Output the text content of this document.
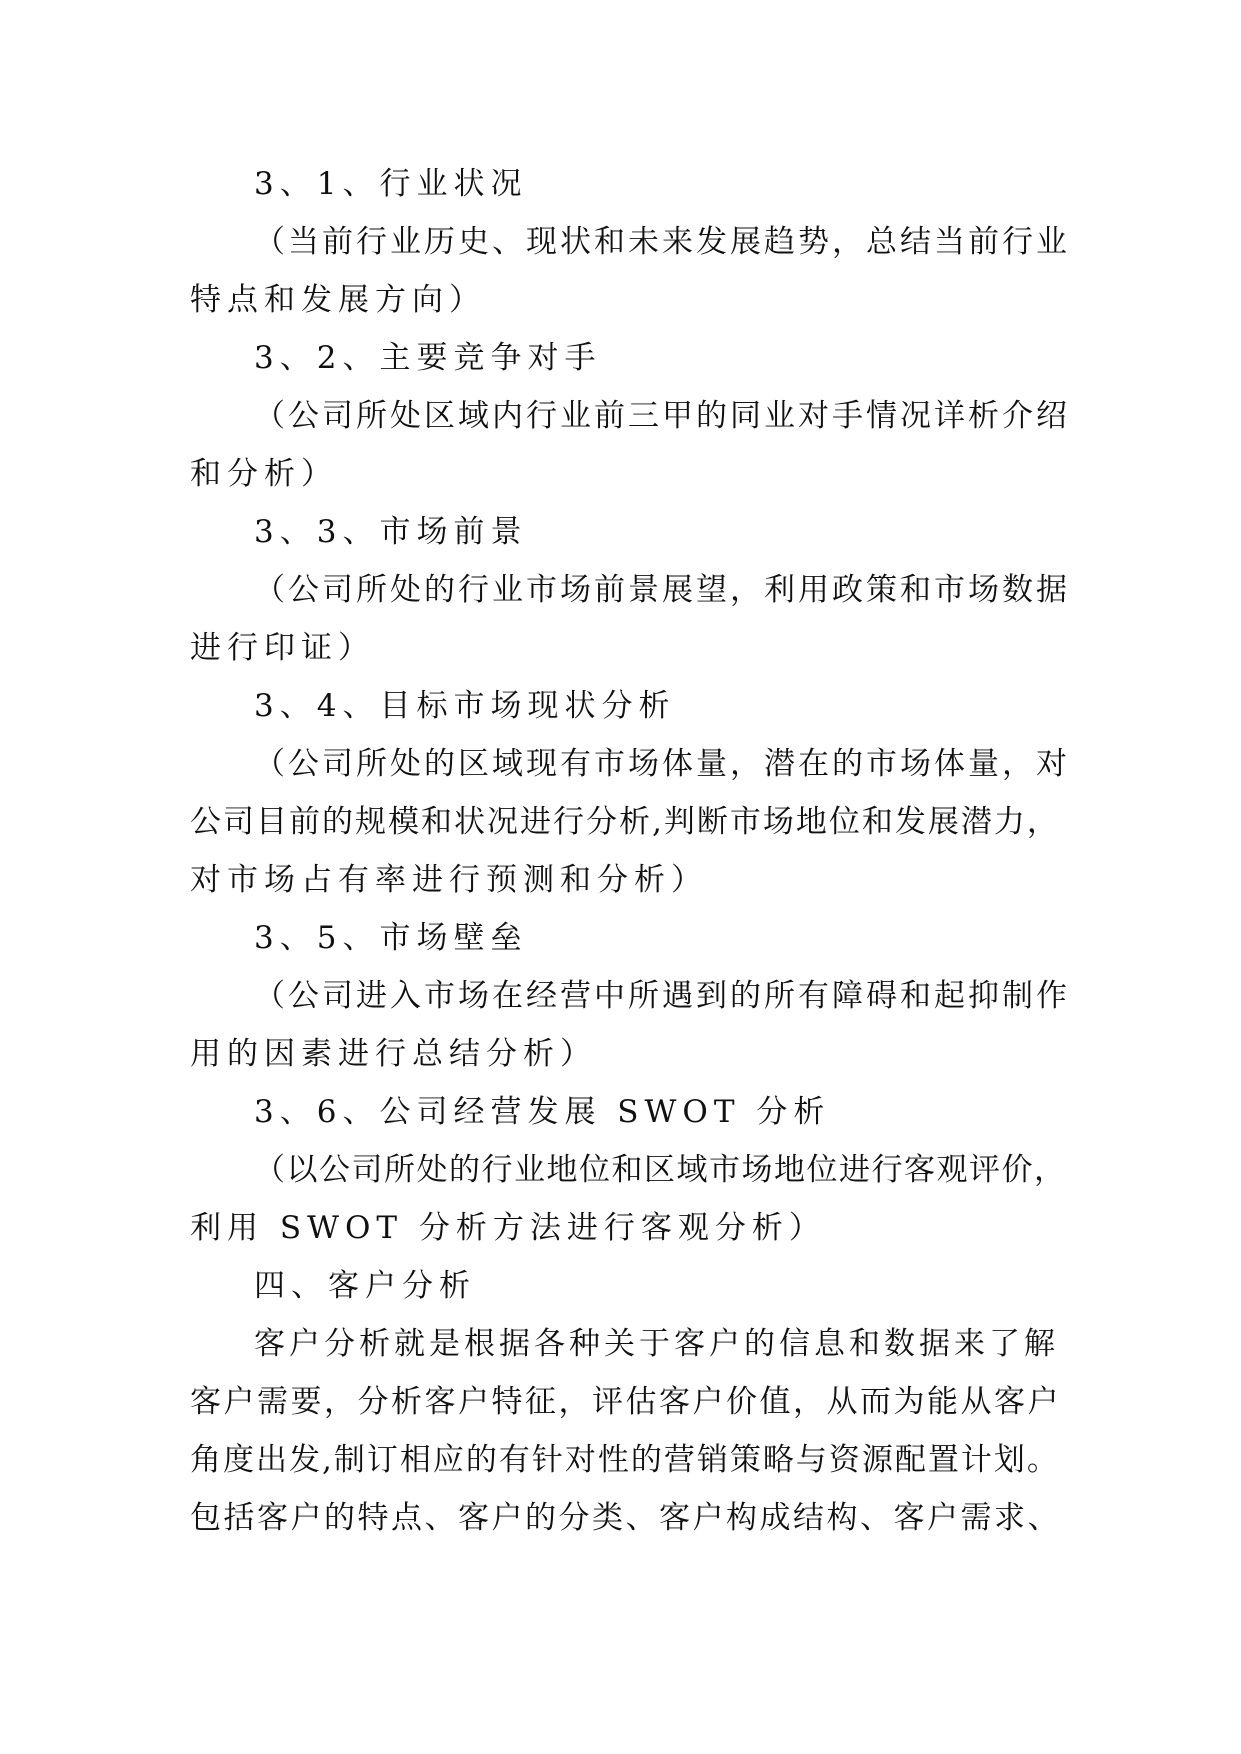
3、1、行业状况
（当前行业历史、现状和未来发展趋势，总结当前行业
特点和发展方向）
3、2、主要竞争对手
（公司所处区域内行业前三甲的同业对手情况详析介绍
和分析）
3、3、市场前景
（公司所处的行业市场前景展望，利用政策和市场数据
进行印证）
3、4、目标市场现状分析
（公司所处的区域现有市场体量，潜在的市场体量，对
公司目前的规模和状况进行分析,判断市场地位和发展潜力，
对市场占有率进行预测和分析）
3、5、市场壁垒
（公司进入市场在经营中所遇到的所有障碍和起抑制作
用的因素进行总结分析）
3、6、公司经营发展 SWOT 分析
（以公司所处的行业地位和区域市场地位进行客观评价，
利用 SWOT 分析方法进行客观分析）
四、客户分析
客户分析就是根据各种关于客户的信息和数据来了解
客户需要，分析客户特征，评估客户价值，从而为能从客户
角度出发,制订相应的有针对性的营销策略与资源配置计划。
包括客户的特点、客户的分类、客户构成结构、客户需求、
